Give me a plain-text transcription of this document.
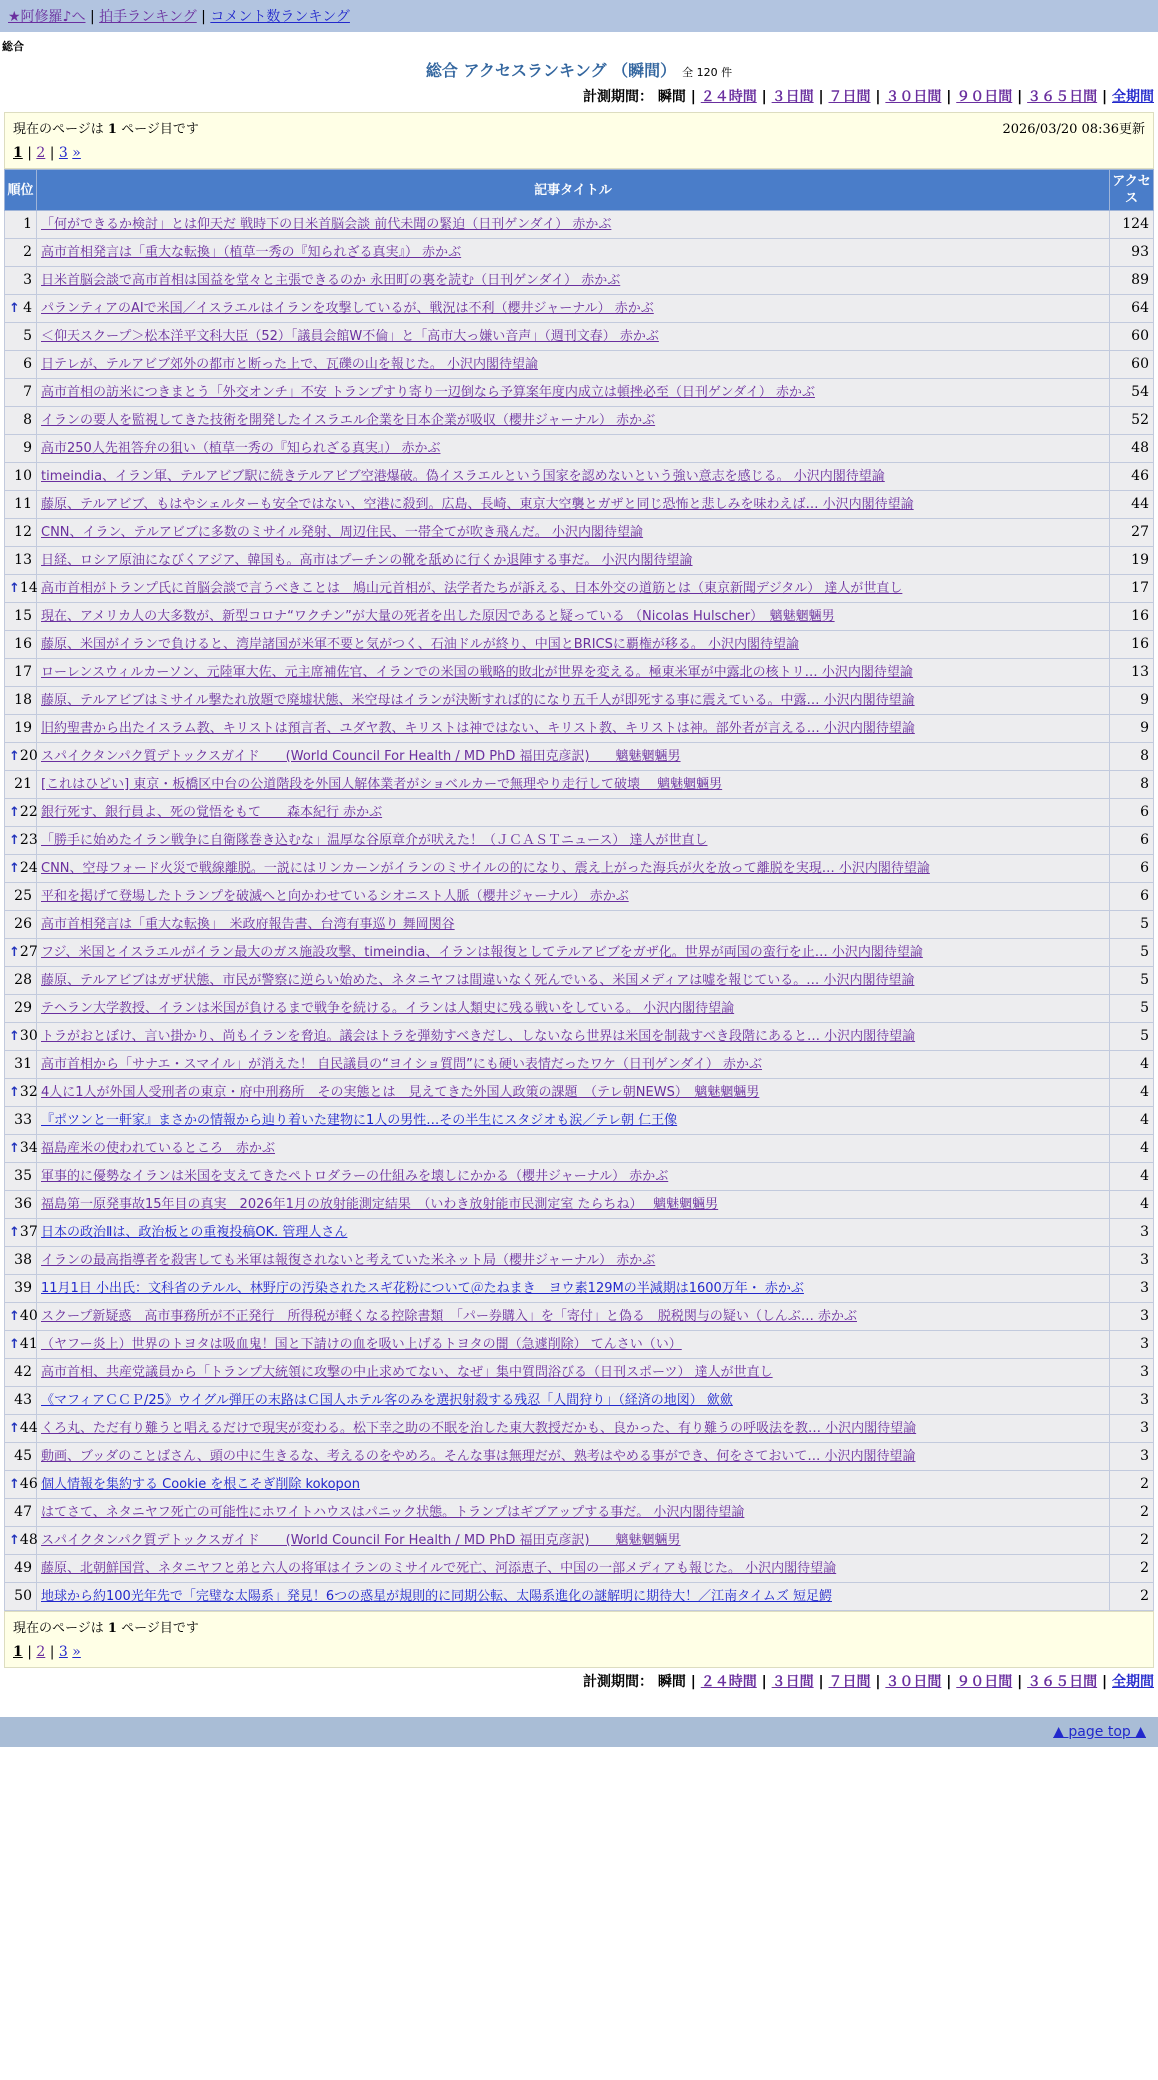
★阿修羅♪へ | 拍手ランキング | コメント数ランキング
総合
総合 アクセスランキング （瞬間） 全 120 件
計測期間： 瞬間 | ２４時間 | ３日間 | ７日間 | ３０日間 | ９０日間 | ３６５日間 | 全期間
現在のページは 1 ページ目です	2026/03/20 08:36更新
1 | 2 | 3 »
順位	記事タイトル	アクセス

1	「何ができるか検討」とは仰天だ 戦時下の日米首脳会談 前代未聞の緊迫（日刊ゲンダイ） 赤かぶ	124

2	高市首相発言は「重大な転換」（植草一秀の『知られざる真実』） 赤かぶ	93

3	日米首脳会談で高市首相は国益を堂々と主張できるのか 永田町の裏を読む（日刊ゲンダイ） 赤かぶ	89

↑ 4	パランティアのAIで米国／イスラエルはイランを攻撃しているが、戦況は不利（櫻井ジャーナル） 赤かぶ	64

5	＜仰天スクープ＞松本洋平文科大臣（52）「議員会館W不倫」と「高市大っ嫌い音声」（週刊文春） 赤かぶ	60

6	日テレが、テルアビブ郊外の都市と断った上で、瓦礫の山を報じた。 小沢内閣待望論	60

7	高市首相の訪米につきまとう「外交オンチ」不安 トランプすり寄り一辺倒なら予算案年度内成立は頓挫必至（日刊ゲンダイ） 赤かぶ	54

8	イランの要人を監視してきた技術を開発したイスラエル企業を日本企業が吸収（櫻井ジャーナル） 赤かぶ	52

9	高市250人先祖答弁の狙い（植草一秀の『知られざる真実』） 赤かぶ	48

10	timeindia、イラン軍、テルアビブ駅に続きテルアビブ空港爆破。偽イスラエルという国家を認めないという強い意志を感じる。 小沢内閣待望論	46

11	藤原、テルアビブ、もはやシェルターも安全ではない、空港に殺到。広島、長崎、東京大空襲とガザと同じ恐怖と悲しみを味わえば… 小沢内閣待望論	44

12	CNN、イラン、テルアビブに多数のミサイル発射、周辺住民、一帯全てが吹き飛んだ。 小沢内閣待望論	27

13	日経、ロシア原油になびくアジア、韓国も。高市はプーチンの靴を舐めに行くか退陣する事だ。 小沢内閣待望論	19

↑ 14	高市首相がトランプ氏に首脳会談で言うべきことは　鳩山元首相が、法学者たちが訴える、日本外交の道筋とは（東京新聞デジタル） 達人が世直し	17

15	現在、アメリカ人の大多数が、新型コロナ“ワクチン”が大量の死者を出した原因であると疑っている （Nicolas Hulscher）　魑魅魍魎男	16

16	藤原、米国がイランで負けると、湾岸諸国が米軍不要と気がつく、石油ドルが終り、中国とBRICSに覇権が移る。 小沢内閣待望論	16

17	ローレンスウィルカーソン、元陸軍大佐、元主席補佐官、イランでの米国の戦略的敗北が世界を変える。極東米軍が中露北の核トリ… 小沢内閣待望論	13

18	藤原、テルアビブはミサイル撃たれ放題で廃墟状態、米空母はイランが決断すれば的になり五千人が即死する事に震えている。中露… 小沢内閣待望論	9

19	旧約聖書から出たイスラム教、キリストは預言者、ユダヤ教、キリストは神ではない、キリスト教、キリストは神。部外者が言える… 小沢内閣待望論	9

↑ 20	スパイクタンパク質デトックスガイド　　(World Council For Health / MD PhD 福田克彦訳)　　魑魅魍魎男	8

21	[これはひどい] 東京・板橋区中台の公道階段を外国人解体業者がショベルカーで無理やり走行して破壊　 魑魅魍魎男	8

↑ 22	銀行死す、銀行員よ、死の覚悟をもて　　森本紀行 赤かぶ	6

↑ 23	「勝手に始めたイラン戦争に自衛隊巻き込むな」温厚な谷原章介が吠えた！（ＪＣＡＳＴニュース） 達人が世直し	6

↑ 24	CNN、空母フォード火災で戦線離脱。一説にはリンカーンがイランのミサイルの的になり、震え上がった海兵が火を放って離脱を実現… 小沢内閣待望論	6

25	平和を掲げて登場したトランプを破滅へと向かわせているシオニスト人脈（櫻井ジャーナル） 赤かぶ	6

26	高市首相発言は「重大な転換」　米政府報告書、台湾有事巡り 舞岡関谷	5

↑ 27	フジ、米国とイスラエルがイラン最大のガス施設攻撃、timeindia、イランは報復としてテルアビブをガザ化。世界が両国の蛮行を止… 小沢内閣待望論	5

28	藤原、テルアビブはガザ状態、市民が警察に逆らい始めた、ネタニヤフは間違いなく死んでいる、米国メディアは嘘を報じている。… 小沢内閣待望論	5

29	テヘラン大学教授、イランは米国が負けるまで戦争を続ける。イランは人類史に残る戦いをしている。 小沢内閣待望論	5

↑ 30	トラがおとぼけ、言い掛かり、尚もイランを脅迫。議会はトラを弾劾すべきだし、しないなら世界は米国を制裁すべき段階にあると… 小沢内閣待望論	5

31	高市首相から「サナエ・スマイル」が消えた！ 自民議員の“ヨイショ質問”にも硬い表情だったワケ（日刊ゲンダイ） 赤かぶ	4

↑ 32	4人に1人が外国人受刑者の東京・府中刑務所　その実態とは　見えてきた外国人政策の課題　（テレ朝NEWS）　魑魅魍魎男	4

33	『ポツンと一軒家』まさかの情報から辿り着いた建物に1人の男性…その半生にスタジオも涙／テレ朝 仁王像	4

↑ 34	福島産米の使われているところ　赤かぶ	4

35	軍事的に優勢なイランは米国を支えてきたペトロダラーの仕組みを壊しにかかる（櫻井ジャーナル） 赤かぶ	4

36	福島第一原発事故15年目の真実　2026年1月の放射能測定結果　（いわき放射能市民測定室 たらちね）　 魑魅魍魎男	4

↑ 37	日本の政治Ⅱは、政治板との重複投稿OK. 管理人さん	3

38	イランの最高指導者を殺害しても米軍は報復されないと考えていた米ネット局（櫻井ジャーナル） 赤かぶ	3

39	11月1日 小出氏：文科省のテルル、林野庁の汚染されたスギ花粉について＠たねまき　ヨウ素129Mの半減期は1600万年・ 赤かぶ	3

↑ 40	スクープ新疑惑　高市事務所が不正発行　所得税が軽くなる控除書類　「パー券購入」を「寄付」と偽る　脱税関与の疑い（しんぶ… 赤かぶ	3

↑ 41	（ヤフー炎上）世界のトヨタは吸血鬼！国と下請けの血を吸い上げるトヨタの闇（急遽削除） てんさい（い）	3

42	高市首相、共産党議員から「トランプ大統領に攻撃の中止求めてない、なぜ」集中質問浴びる（日刊スポーツ） 達人が世直し	3

43	《マフィアＣＣＰ/25》ウイグル弾圧の末路はＣ国人ホテル客のみを選択射殺する残忍「人間狩り」（経済の地図） 歛歛	3

↑ 44	くろ丸、ただ有り難うと唱えるだけで現実が変わる。松下幸之助の不眠を治した東大教授だかも、良かった、有り難うの呼吸法を教… 小沢内閣待望論	3

45	動画、ブッダのことばさん、頭の中に生きるな、考えるのをやめろ。そんな事は無理だが、熟考はやめる事ができ、何をさておいて… 小沢内閣待望論	3

↑ 46	個人情報を集約する Cookie を根こそぎ削除 kokopon	2

47	はてさて、ネタニヤフ死亡の可能性にホワイトハウスはパニック状態。トランプはギブアップする事だ。 小沢内閣待望論	2

↑ 48	スパイクタンパク質デトックスガイド　　(World Council For Health / MD PhD 福田克彦訳)　　魑魅魍魎男	2

49	藤原、北朝鮮国営、ネタニヤフと弟と六人の将軍はイランのミサイルで死亡、河添恵子、中国の一部メディアも報じた。 小沢内閣待望論	2

50	地球から約100光年先で「完璧な太陽系」発見！6つの惑星が規則的に同期公転、太陽系進化の謎解明に期待大！／江南タイムズ 短足鰐	2
現在のページは 1 ページ目です
1 | 2 | 3 »
計測期間： 瞬間 | ２４時間 | ３日間 | ７日間 | ３０日間 | ９０日間 | ３６５日間 | 全期間
▲ page top ▲
